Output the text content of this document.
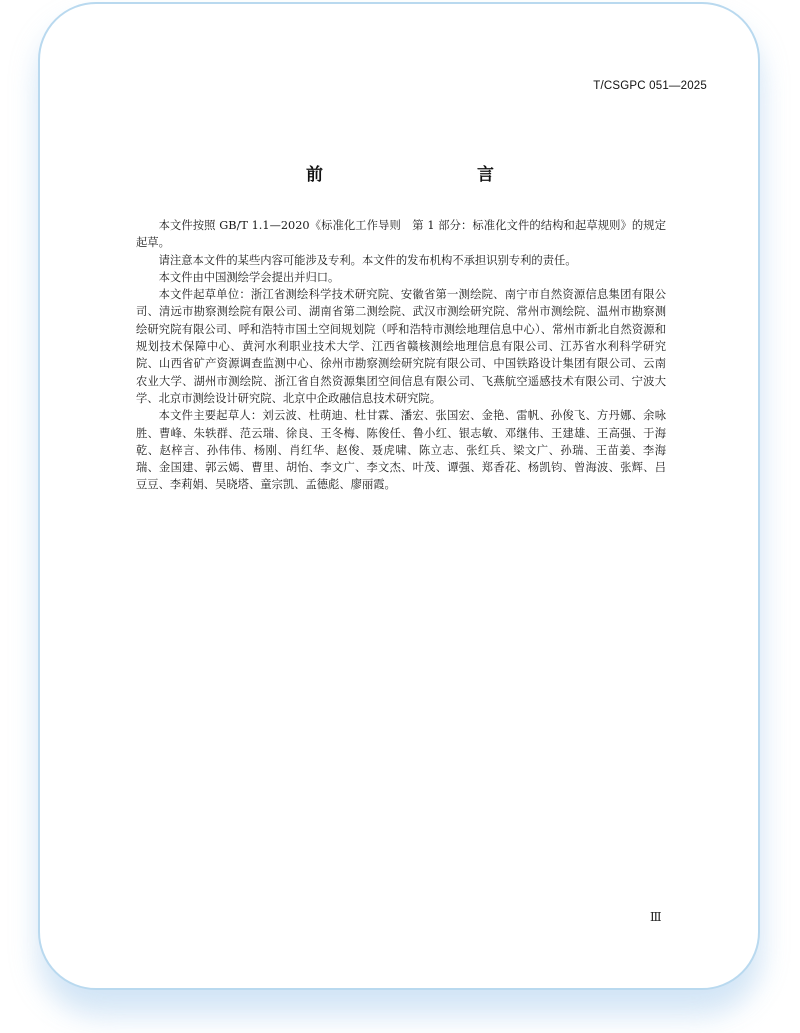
T/CSGPC 051—2025
前　　言

本文件按照 GB/T 1.1—2020《标准化工作导则　第 1 部分：标准化文件的结构和起草规则》的规定起草。

请注意本文件的某些内容可能涉及专利。本文件的发布机构不承担识别专利的责任。

本文件由中国测绘学会提出并归口。

本文件起草单位：浙江省测绘科学技术研究院、安徽省第一测绘院、南宁市自然资源信息集团有限公司、清远市勘察测绘院有限公司、湖南省第二测绘院、武汉市测绘研究院、常州市测绘院、温州市勘察测绘研究院有限公司、呼和浩特市国土空间规划院（呼和浩特市测绘地理信息中心）、常州市新北自然资源和规划技术保障中心、黄河水利职业技术大学、江西省赣核测绘地理信息有限公司、江苏省水利科学研究院、山西省矿产资源调查监测中心、徐州市勘察测绘研究院有限公司、中国铁路设计集团有限公司、云南农业大学、湖州市测绘院、浙江省自然资源集团空间信息有限公司、飞燕航空遥感技术有限公司、宁波大学、北京市测绘设计研究院、北京中企政融信息技术研究院。

本文件主要起草人：刘云波、杜萌迪、杜甘霖、潘宏、张国宏、金艳、雷帆、孙俊飞、方丹娜、余咏胜、曹峰、朱轶群、范云瑞、徐良、王冬梅、陈俊任、鲁小红、银志敏、邓继伟、王建雄、王高强、于海乾、赵梓言、孙伟伟、杨刚、肖红华、赵俊、聂虎啸、陈立志、张红兵、梁文广、孙瑞、王苗姜、李海瑞、金国建、郭云嫣、曹里、胡怡、李文广、李文杰、叶茂、谭强、郑香花、杨凯钧、曾海波、张辉、吕豆豆、李莉娟、吴晓塔、童宗凯、孟德彪、廖丽霞。

Ⅲ
